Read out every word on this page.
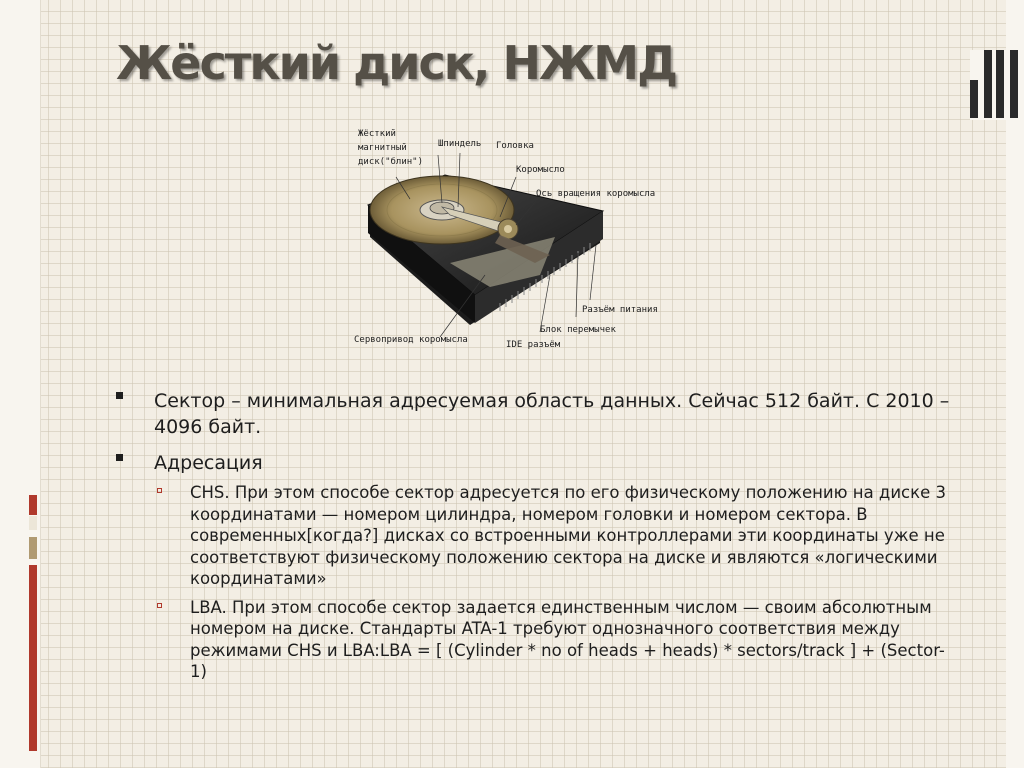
Жёсткий диск, НЖМД
Жёсткий
магнитный
диск("блин")
Шпиндель Головка
Коромысло
Ось вращения коромысла
Разъём питания
Блок перемычек
IDE разъём
Сервопривод коромысла
Сектор – минимальная адресуемая область данных. Сейчас 512 байт. С 2010 – 4096 байт.
Адресация
CHS. При этом способе сектор адресуется по его физическому положению на диске 3 координатами — номером цилиндра, номером головки и номером сектора. В современных[когда?] дисках со встроенными контроллерами эти координаты уже не соответствуют физическому положению сектора на диске и являются «логическими координатами»
LBA. При этом способе сектор задается единственным числом — своим абсолютным номером на диске. Стандарты ATA-1 требуют однозначного соответствия между режимами CHS и LBA:LBA = [ (Cylinder * no of heads + heads) * sectors/track ] + (Sector-1)
